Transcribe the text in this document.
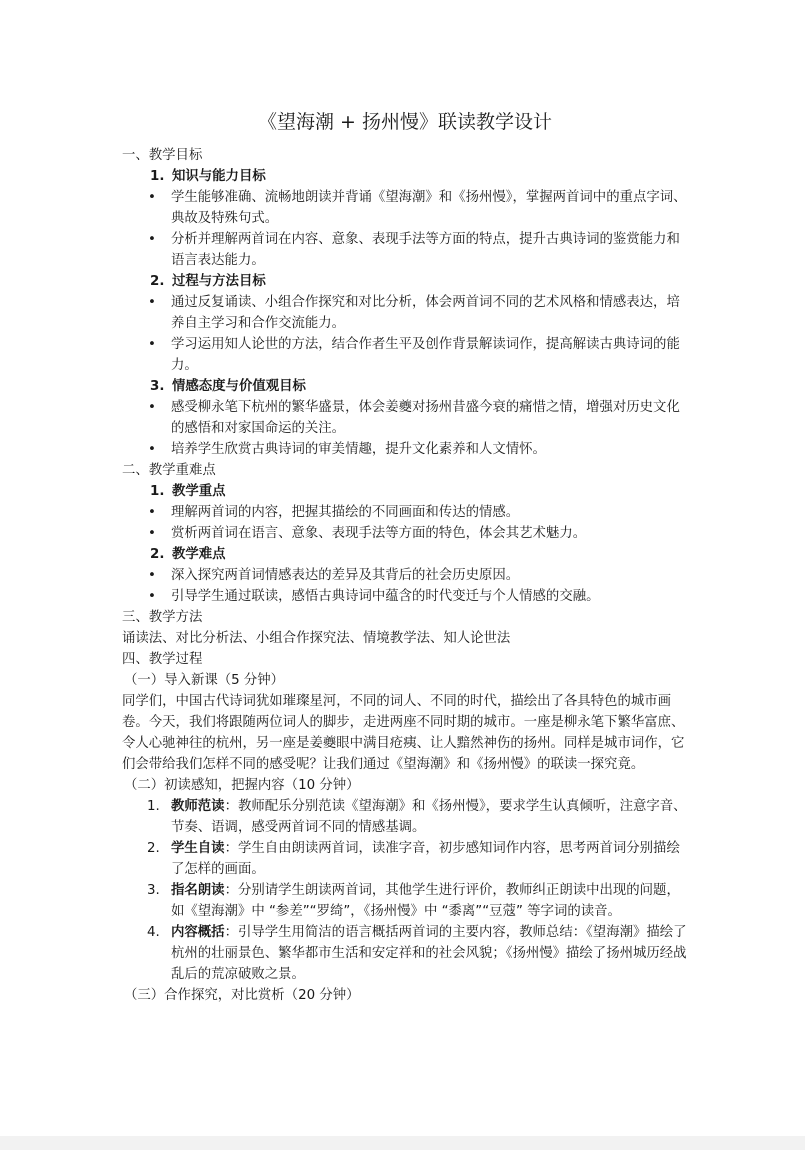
《望海潮 + 扬州慢》联读教学设计
一、教学目标
1. 知识与能力目标
• 学生能够准确、流畅地朗读并背诵《望海潮》和《扬州慢》，掌握两首词中的重点字词、典故及特殊句式。
• 分析并理解两首词在内容、意象、表现手法等方面的特点，提升古典诗词的鉴赏能力和语言表达能力。
2. 过程与方法目标
• 通过反复诵读、小组合作探究和对比分析，体会两首词不同的艺术风格和情感表达，培养自主学习和合作交流能力。
• 学习运用知人论世的方法，结合作者生平及创作背景解读词作，提高解读古典诗词的能力。
3. 情感态度与价值观目标
• 感受柳永笔下杭州的繁华盛景，体会姜夔对扬州昔盛今衰的痛惜之情，增强对历史文化的感悟和对家国命运的关注。
• 培养学生欣赏古典诗词的审美情趣，提升文化素养和人文情怀。
二、教学重难点
1. 教学重点
• 理解两首词的内容，把握其描绘的不同画面和传达的情感。
• 赏析两首词在语言、意象、表现手法等方面的特色，体会其艺术魅力。
2. 教学难点
• 深入探究两首词情感表达的差异及其背后的社会历史原因。
• 引导学生通过联读，感悟古典诗词中蕴含的时代变迁与个人情感的交融。
三、教学方法
诵读法、对比分析法、小组合作探究法、情境教学法、知人论世法
四、教学过程
（一）导入新课（5 分钟）
同学们，中国古代诗词犹如璀璨星河，不同的词人、不同的时代，描绘出了各具特色的城市画卷。今天，我们将跟随两位词人的脚步，走进两座不同时期的城市。一座是柳永笔下繁华富庶、令人心驰神往的杭州，另一座是姜夔眼中满目疮痍、让人黯然神伤的扬州。同样是城市词作，它们会带给我们怎样不同的感受呢？让我们通过《望海潮》和《扬州慢》的联读一探究竟。
（二）初读感知，把握内容（10 分钟）
1. 教师范读：教师配乐分别范读《望海潮》和《扬州慢》，要求学生认真倾听，注意字音、节奏、语调，感受两首词不同的情感基调。
2. 学生自读：学生自由朗读两首词，读准字音，初步感知词作内容，思考两首词分别描绘了怎样的画面。
3. 指名朗读：分别请学生朗读两首词，其他学生进行评价，教师纠正朗读中出现的问题，如《望海潮》中 “参差”“罗绮”，《扬州慢》中 “黍离”“豆蔻” 等字词的读音。
4. 内容概括：引导学生用简洁的语言概括两首词的主要内容，教师总结：《望海潮》描绘了杭州的壮丽景色、繁华都市生活和安定祥和的社会风貌；《扬州慢》描绘了扬州城历经战乱后的荒凉破败之景。
（三）合作探究，对比赏析（20 分钟）
